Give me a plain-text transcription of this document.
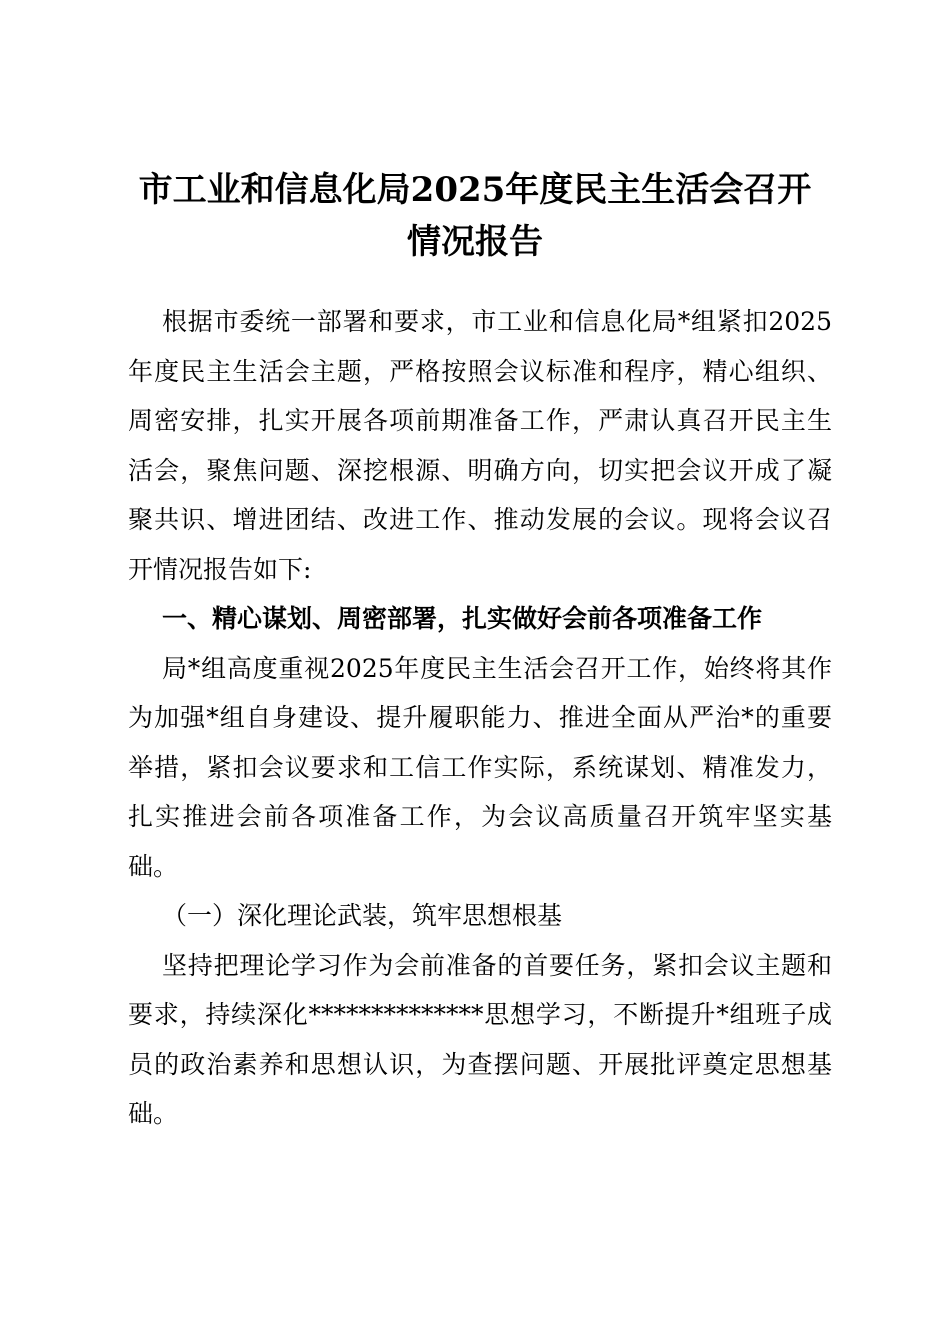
市工业和信息化局2025年度民主生活会召开
情况报告
根据市委统一部署和要求，市工业和信息化局*组紧扣2025
年度民主生活会主题，严格按照会议标准和程序，精心组织、
周密安排，扎实开展各项前期准备工作，严肃认真召开民主生
活会，聚焦问题、深挖根源、明确方向，切实把会议开成了凝
聚共识、增进团结、改进工作、推动发展的会议。现将会议召
开情况报告如下:
一、精心谋划、周密部署，扎实做好会前各项准备工作
局*组高度重视2025年度民主生活会召开工作，始终将其作
为加强*组自身建设、提升履职能力、推进全面从严治*的重要
举措，紧扣会议要求和工信工作实际，系统谋划、精准发力，
扎实推进会前各项准备工作，为会议高质量召开筑牢坚实基
础。
（一）深化理论武装，筑牢思想根基
坚持把理论学习作为会前准备的首要任务，紧扣会议主题和
要求，持续深化**************思想学习，不断提升*组班子成
员的政治素养和思想认识，为查摆问题、开展批评奠定思想基
础。
